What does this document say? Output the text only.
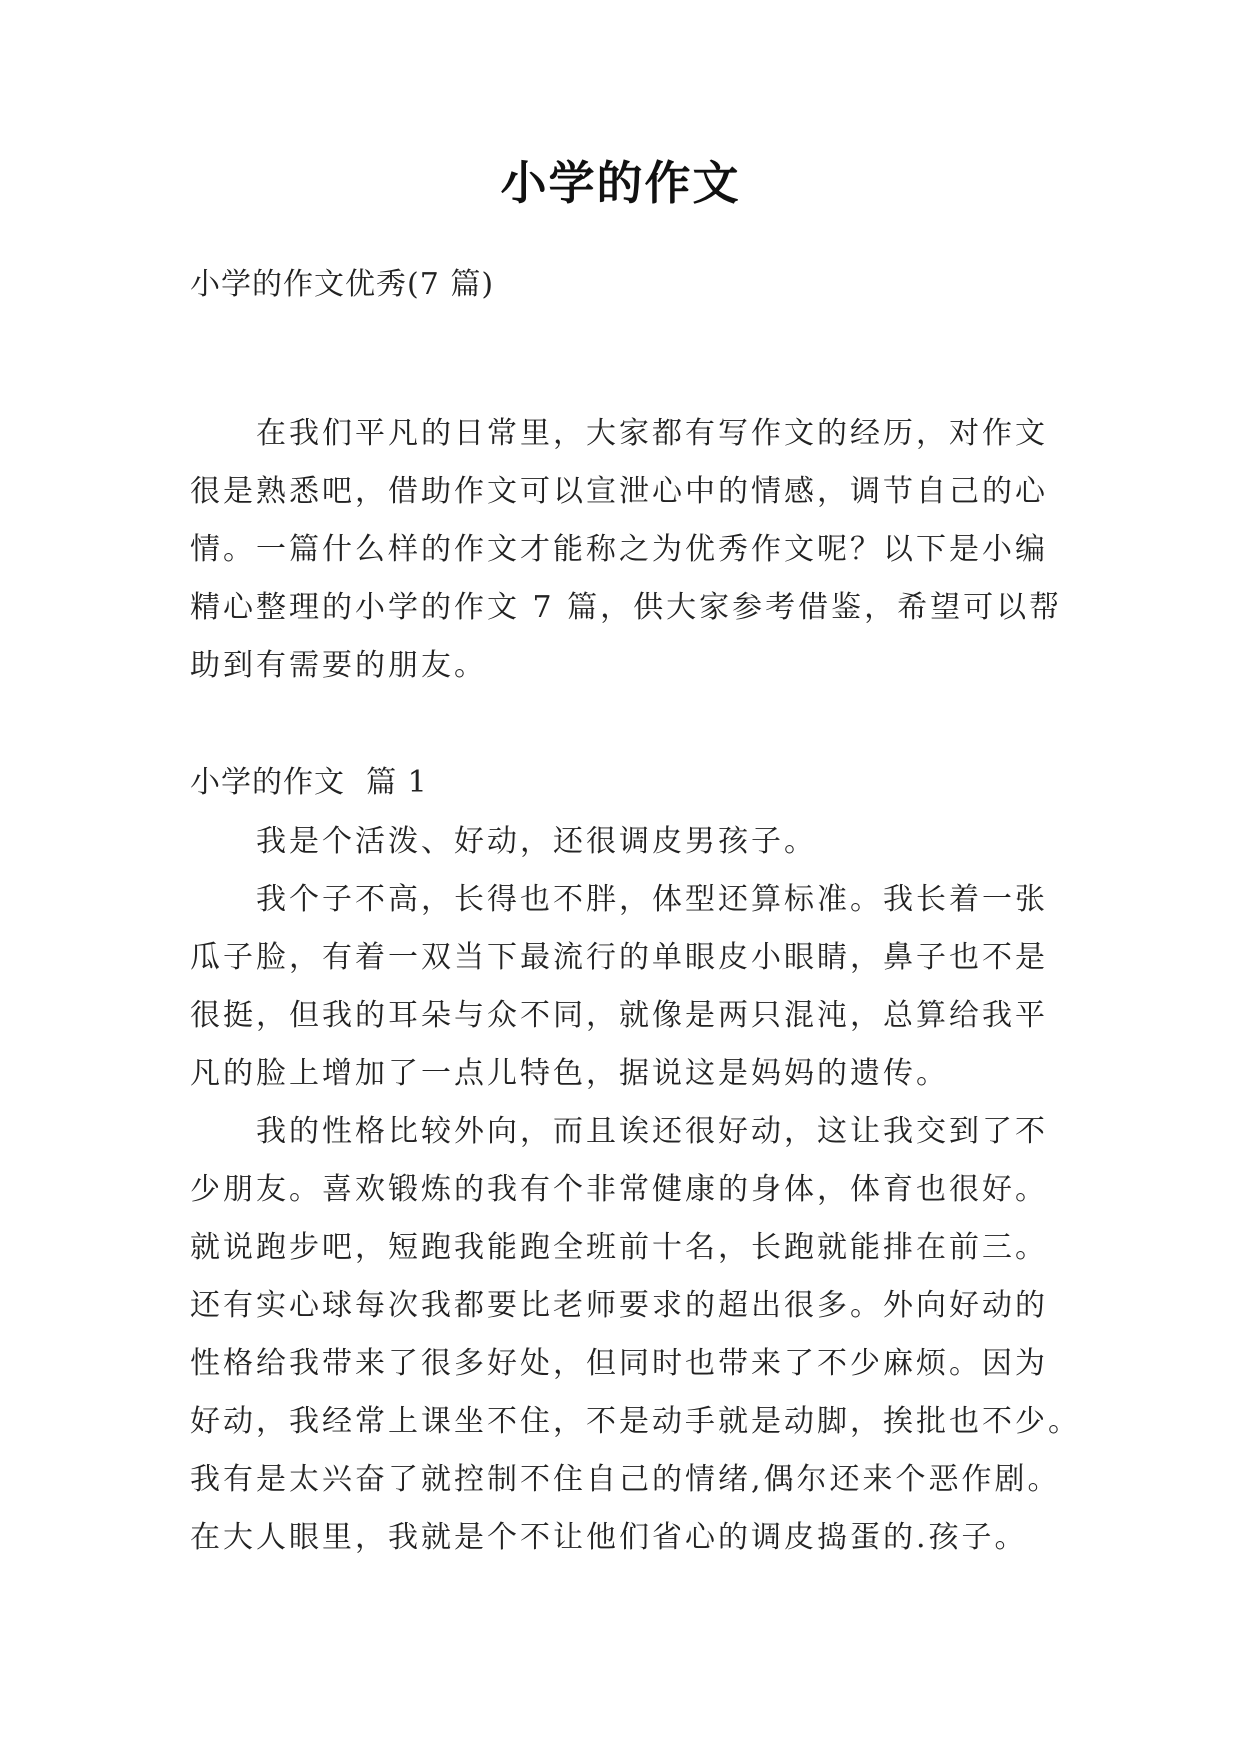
小学的作文
小学的作文优秀(7 篇)
　　在我们平凡的日常里，大家都有写作文的经历，对作文
很是熟悉吧，借助作文可以宣泄心中的情感，调节自己的心
情。一篇什么样的作文才能称之为优秀作文呢？以下是小编
精心整理的小学的作文 7 篇，供大家参考借鉴，希望可以帮
助到有需要的朋友。
小学的作文  篇 1
　　我是个活泼、好动，还很调皮男孩子。
　　我个子不高，长得也不胖，体型还算标准。我长着一张
瓜子脸，有着一双当下最流行的单眼皮小眼睛，鼻子也不是
很挺，但我的耳朵与众不同，就像是两只混沌，总算给我平
凡的脸上增加了一点儿特色，据说这是妈妈的遗传。
　　我的性格比较外向，而且诶还很好动，这让我交到了不
少朋友。喜欢锻炼的我有个非常健康的身体，体育也很好。
就说跑步吧，短跑我能跑全班前十名，长跑就能排在前三。
还有实心球每次我都要比老师要求的超出很多。外向好动的
性格给我带来了很多好处，但同时也带来了不少麻烦。因为
好动，我经常上课坐不住，不是动手就是动脚，挨批也不少。
我有是太兴奋了就控制不住自己的情绪,偶尔还来个恶作剧。
在大人眼里，我就是个不让他们省心的调皮捣蛋的.孩子。
